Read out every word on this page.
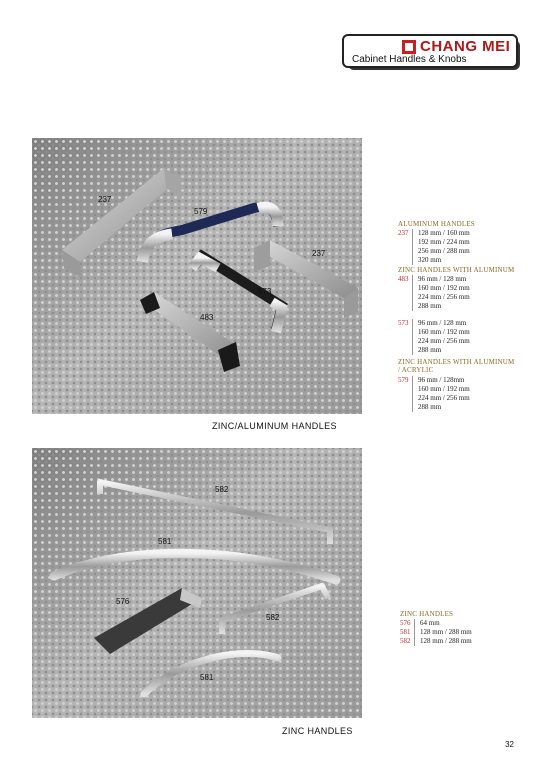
CHANG MEI
Cabinet Handles & Knobs
237
579
237
573
483
ZINC/ALUMINUM HANDLES
582
581
576
582
581
ZINC HANDLES
ALUMINUM HANDLES
237	128 mm / 160 mm
192 mm / 224 mm
256 mm / 288 mm
320 mm
ZINC HANDLES WITH ALUMINUM
483	96 mm / 128 mm
160 mm / 192 mm
224 mm / 256 mm
288 mm
573	96 mm / 128 mm
160 mm / 192 mm
224 mm / 256 mm
288 mm
ZINC HANDLES WITH ALUMINUM
/ ACRYLIC
579	96 mm / 128mm
160 mm / 192 mm
224 mm / 256 mm
288 mm
ZINC HANDLES
576	64 mm
581	128 mm / 288 mm
582	128 mm / 288 mm
32
